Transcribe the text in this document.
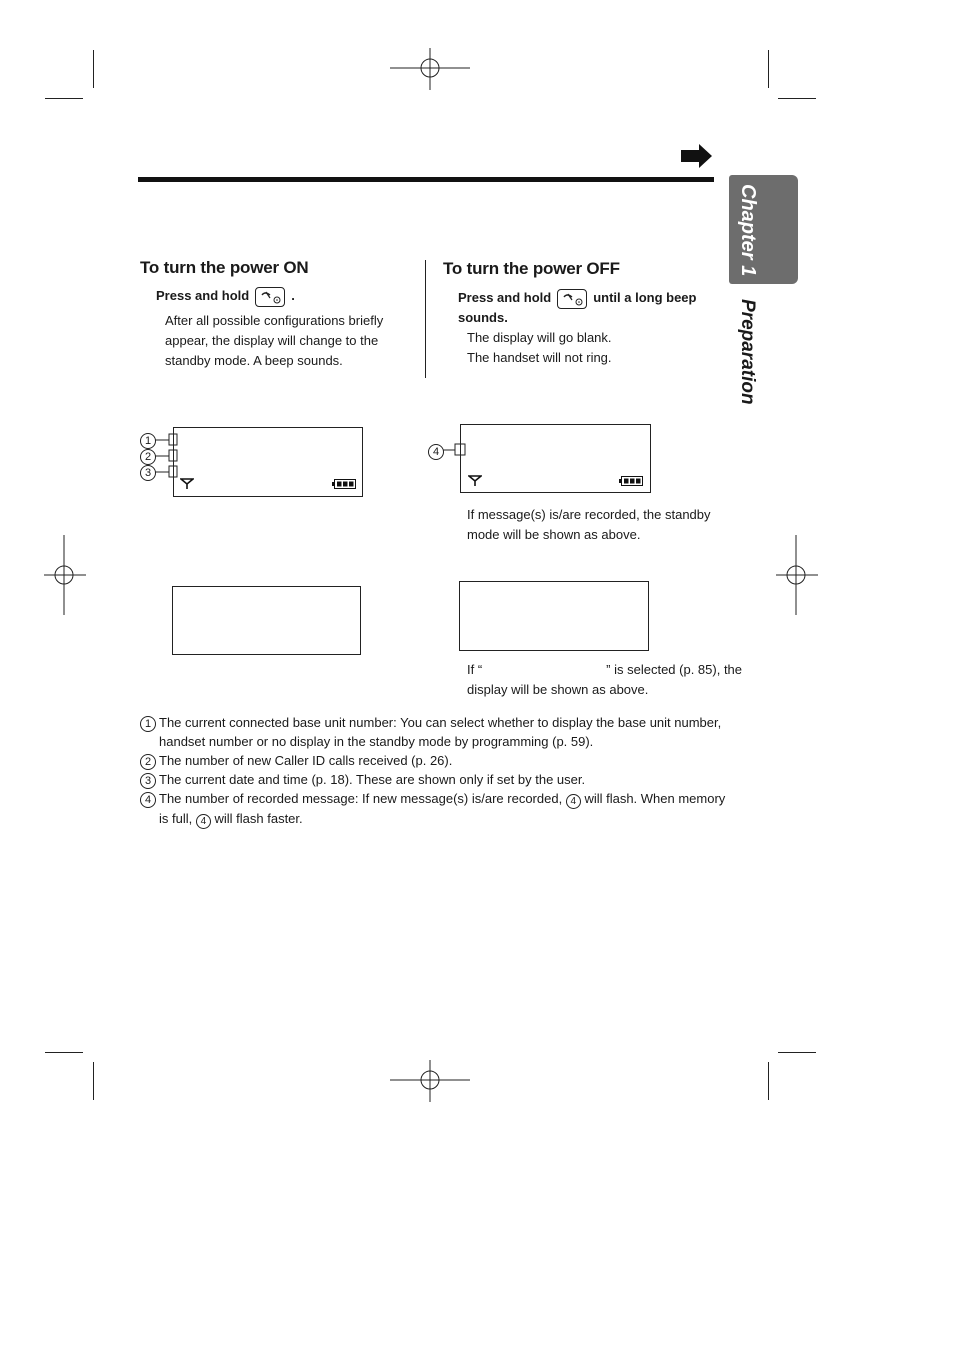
Chapter 1
Preparation
To turn the power ON
Press and hold	.
After all possible configurations briefly
appear, the display will change to the
standby mode. A beep sounds.
To turn the power OFF
Press and hold	until a long beep
sounds.
The display will go blank.
The handset will not ring.
1
2
3
4
If message(s) is/are recorded, the standby
mode will be shown as above.
If “	” is selected (p. 85), the
display will be shown as above.
1 The current connected base unit number: You can select whether to display the base unit number,
handset number or no display in the standby mode by programming (p. 59).
2 The number of new Caller ID calls received (p. 26).
3 The current date and time (p. 18). These are shown only if set by the user.
4 The number of recorded message: If new message(s) is/are recorded, 4 will flash. When memory
is full, 4 will flash faster.
